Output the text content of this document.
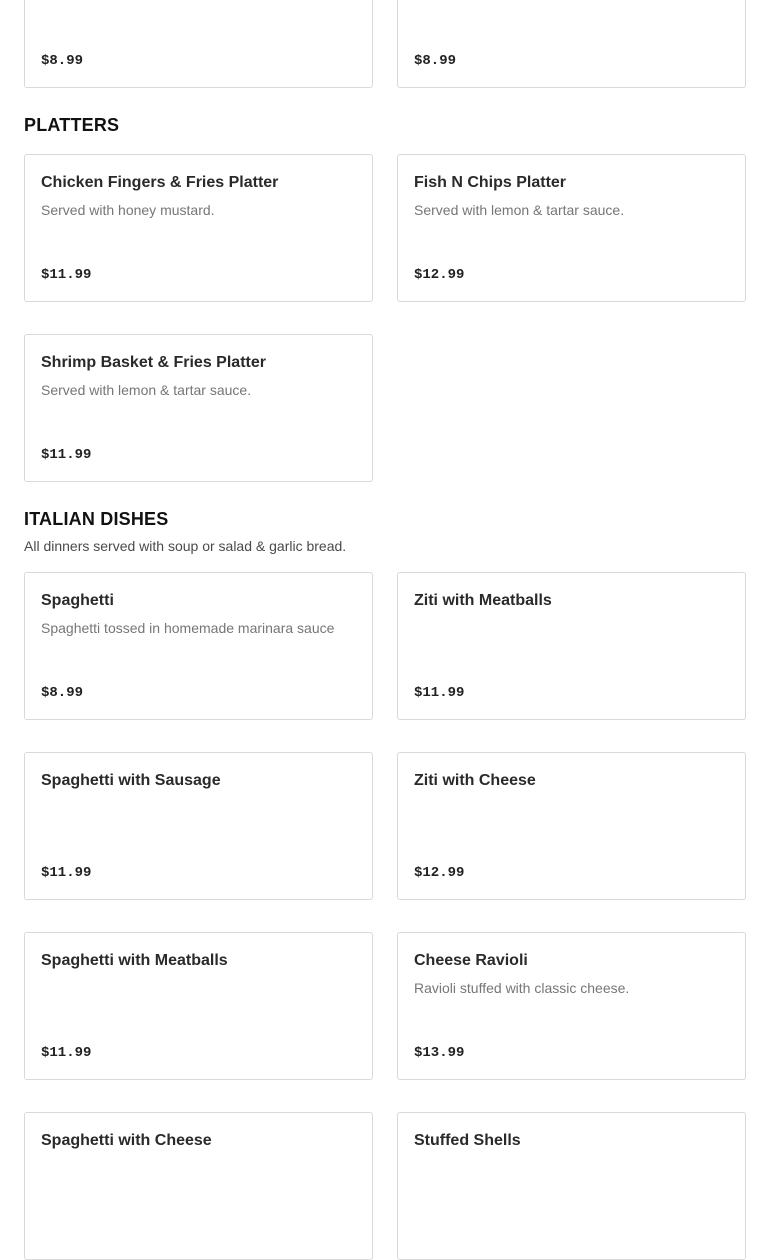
$8.99	$8.99
PLATTERS
Chicken Fingers & Fries Platter
Served with honey mustard.
$11.99
Fish N Chips Platter
Served with lemon & tartar sauce.
$12.99
Shrimp Basket & Fries Platter
Served with lemon & tartar sauce.
$11.99
ITALIAN DISHES
All dinners served with soup or salad & garlic bread.
Spaghetti
Spaghetti tossed in homemade marinara sauce
$8.99
Ziti with Meatballs
$11.99
Spaghetti with Sausage
$11.99
Ziti with Cheese
$12.99
Spaghetti with Meatballs
$11.99
Cheese Ravioli
Ravioli stuffed with classic cheese.
$13.99
Spaghetti with Cheese	Stuffed Shells
